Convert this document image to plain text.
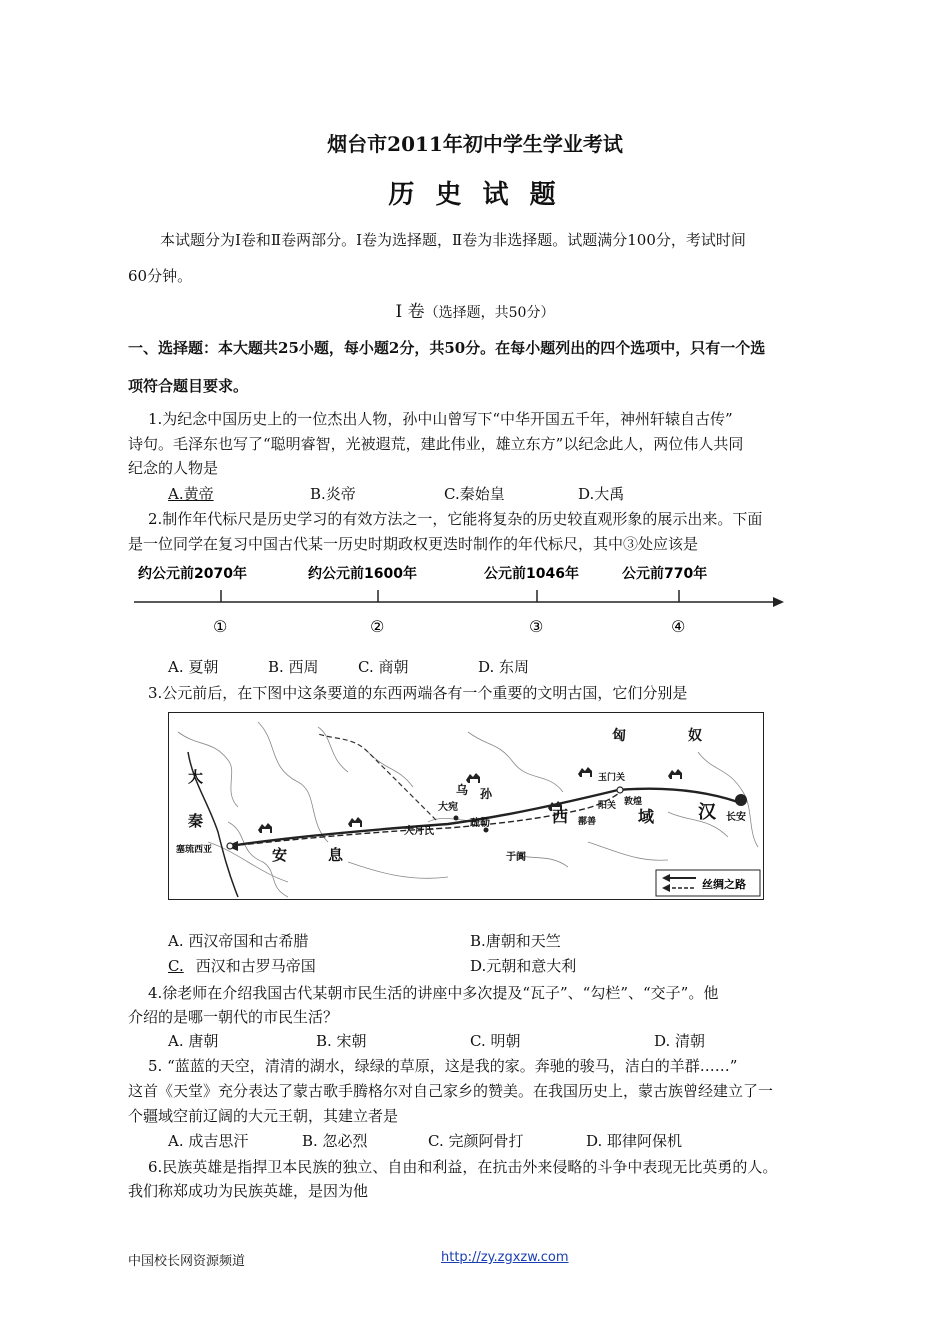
烟台市2011年初中学生学业考试
历 史 试 题
本试题分为Ⅰ卷和Ⅱ卷两部分。Ⅰ卷为选择题，Ⅱ卷为非选择题。试题满分100分，考试时间
60分钟。
Ⅰ 卷（选择题，共50分）
一、选择题：本大题共25小题，每小题2分，共50分。在每小题列出的四个选项中，只有一个选
项符合题目要求。
1.为纪念中国历史上的一位杰出人物，孙中山曾写下“中华开国五千年，神州轩辕自古传”
诗句。毛泽东也写了“聪明睿智，光被遐荒，建此伟业，雄立东方”以纪念此人，两位伟人共同
纪念的人物是
A.黄帝	B.炎帝	C.秦始皇	D.大禹
2.制作年代标尺是历史学习的有效方法之一，它能将复杂的历史较直观形象的展示出来。下面
是一位同学在复习中国古代某一历史时期政权更迭时制作的年代标尺，其中③处应该是
约公元前2070年	约公元前1600年	公元前1046年	公元前770年
①	②	③	④
A. 夏朝	B. 西周	C. 商朝	D. 东周
3.公元前后，在下图中这条要道的东西两端各有一个重要的文明古国，它们分别是
匈	奴
大
秦
安	息
乌 孙
西	域 汉
大宛
疏勒
大月氏
玉门关
敦煌
阳关
鄯善
于阗
长安
塞琉西亚
丝绸之路
A. 西汉帝国和古希腊	B.唐朝和天竺
C. 西汉和古罗马帝国	D.元朝和意大利
4.徐老师在介绍我国古代某朝市民生活的讲座中多次提及“瓦子”、“勾栏”、“交子”。他
介绍的是哪一朝代的市民生活？
A. 唐朝	B. 宋朝	C. 明朝	D. 清朝
5. “蓝蓝的天空，清清的湖水，绿绿的草原，这是我的家。奔驰的骏马，洁白的羊群……”
这首《天堂》充分表达了蒙古歌手腾格尔对自己家乡的赞美。在我国历史上，蒙古族曾经建立了一
个疆域空前辽阔的大元王朝，其建立者是
A. 成吉思汗	B. 忽必烈	C. 完颜阿骨打	D. 耶律阿保机
6.民族英雄是指捍卫本民族的独立、自由和利益，在抗击外来侵略的斗争中表现无比英勇的人。
我们称郑成功为民族英雄，是因为他
中国校长网资源频道	http://zy.zgxzw.com
